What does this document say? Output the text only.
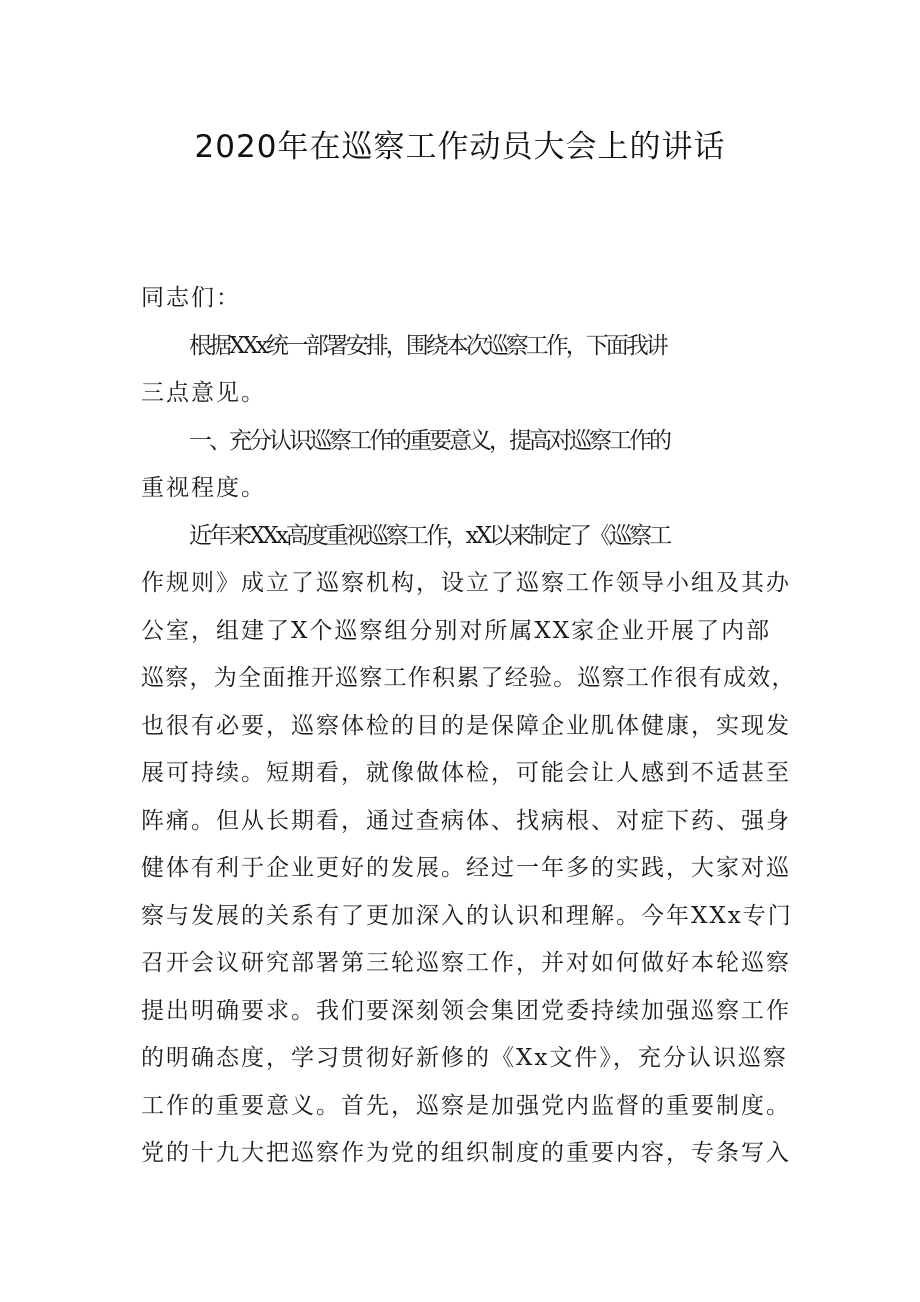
2020年在巡察工作动员大会上的讲话
同志们：
根据XXx统一部署安排，围绕本次巡察工作，下面我讲
三点意见。
一、充分认识巡察工作的重要意义，提高对巡察工作的
重视程度。
近年来XXx高度重视巡察工作，xX以来制定了《巡察工
作规则》成立了巡察机构，设立了巡察工作领导小组及其办
公室，组建了X个巡察组分别对所属XX家企业开展了内部
巡察，为全面推开巡察工作积累了经验。巡察工作很有成效，
也很有必要，巡察体检的目的是保障企业肌体健康，实现发
展可持续。短期看，就像做体检，可能会让人感到不适甚至
阵痛。但从长期看，通过查病体、找病根、对症下药、强身
健体有利于企业更好的发展。经过一年多的实践，大家对巡
察与发展的关系有了更加深入的认识和理解。今年XXx专门
召开会议研究部署第三轮巡察工作，并对如何做好本轮巡察
提出明确要求。我们要深刻领会集团党委持续加强巡察工作
的明确态度，学习贯彻好新修的《Xx文件》，充分认识巡察
工作的重要意义。首先，巡察是加强党内监督的重要制度。
党的十九大把巡察作为党的组织制度的重要内容，专条写入
